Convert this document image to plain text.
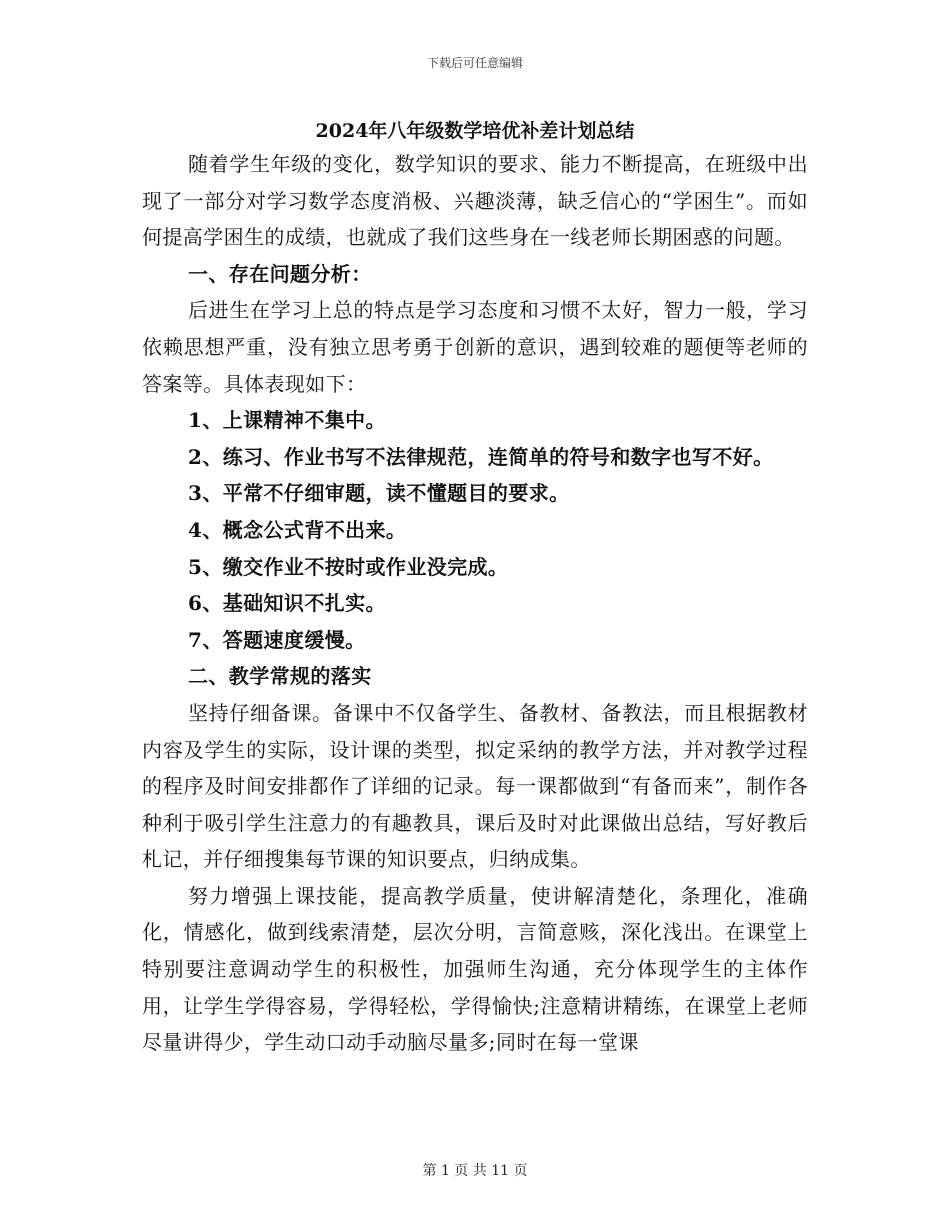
下载后可任意编辑
2024年八年级数学培优补差计划总结

随着学生年级的变化，数学知识的要求、能力不断提高，在班级中出现了一部分对学习数学态度消极、兴趣淡薄，缺乏信心的“学困生”。而如何提高学困生的成绩，也就成了我们这些身在一线老师长期困惑的问题。

一、存在问题分析：

后进生在学习上总的特点是学习态度和习惯不太好，智力一般，学习依赖思想严重，没有独立思考勇于创新的意识，遇到较难的题便等老师的答案等。具体表现如下：

1、上课精神不集中。

2、练习、作业书写不法律规范，连简单的符号和数字也写不好。

3、平常不仔细审题，读不懂题目的要求。

4、概念公式背不出来。

5、缴交作业不按时或作业没完成。

6、基础知识不扎实。

7、答题速度缓慢。

二、教学常规的落实

坚持仔细备课。备课中不仅备学生、备教材、备教法，而且根据教材内容及学生的实际，设计课的类型，拟定采纳的教学方法，并对教学过程的程序及时间安排都作了详细的记录。每一课都做到“有备而来”，制作各种利于吸引学生注意力的有趣教具，课后及时对此课做出总结，写好教后札记，并仔细搜集每节课的知识要点，归纳成集。

努力增强上课技能，提高教学质量，使讲解清楚化，条理化，准确化，情感化，做到线索清楚，层次分明，言简意赅，深化浅出。在课堂上特别要注意调动学生的积极性，加强师生沟通，充分体现学生的主体作用，让学生学得容易，学得轻松，学得愉快;注意精讲精练，在课堂上老师尽量讲得少，学生动口动手动脑尽量多;同时在每一堂课

第 1 页 共 11 页
